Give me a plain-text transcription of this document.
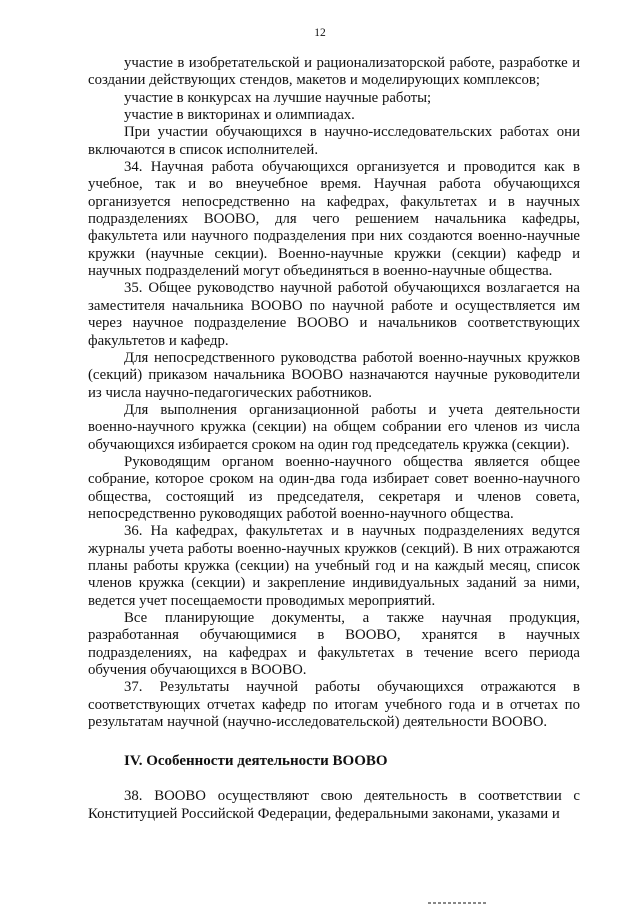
12

участие в изобретательской и рационализаторской работе, разработке и создании действующих стендов, макетов и моделирующих комплексов;

участие в конкурсах на лучшие научные работы;

участие в викторинах и олимпиадах.

При участии обучающихся в научно-исследовательских работах они включаются в список исполнителей.

34. Научная работа обучающихся организуется и проводится как в учебное, так и во внеучебное время. Научная работа обучающихся организуется непосредственно на кафедрах, факультетах и в научных подразделениях ВООВО, для чего решением начальника кафедры, факультета или научного подразделения при них создаются военно-научные кружки (научные секции). Военно-научные кружки (секции) кафедр и научных подразделений могут объединяться в военно-научные общества.

35. Общее руководство научной работой обучающихся возлагается на заместителя начальника ВООВО по научной работе и осуществляется им через научное подразделение ВООВО и начальников соответствующих факультетов и кафедр.

Для непосредственного руководства работой военно-научных кружков (секций) приказом начальника ВООВО назначаются научные руководители из числа научно-педагогических работников.

Для выполнения организационной работы и учета деятельности военно-научного кружка (секции) на общем собрании его членов из числа обучающихся избирается сроком на один год председатель кружка (секции).

Руководящим органом военно-научного общества является общее собрание, которое сроком на один-два года избирает совет военно-научного общества, состоящий из председателя, секретаря и членов совета, непосредственно руководящих работой военно-научного общества.

36. На кафедрах, факультетах и в научных подразделениях ведутся журналы учета работы военно-научных кружков (секций). В них отражаются планы работы кружка (секции) на учебный год и на каждый месяц, список членов кружка (секции) и закрепление индивидуальных заданий за ними, ведется учет посещаемости проводимых мероприятий.

Все планирующие документы, а также научная продукция, разработанная обучающимися в ВООВО, хранятся в научных подразделениях, на кафедрах и факультетах в течение всего периода обучения обучающихся в ВООВО.

37. Результаты научной работы обучающихся отражаются в соответствующих отчетах кафедр по итогам учебного года и в отчетах по результатам научной (научно-исследовательской) деятельности ВООВО.

IV. Особенности деятельности ВООВО

38. ВООВО осуществляют свою деятельность в соответствии с Конституцией Российской Федерации, федеральными законами, указами и
